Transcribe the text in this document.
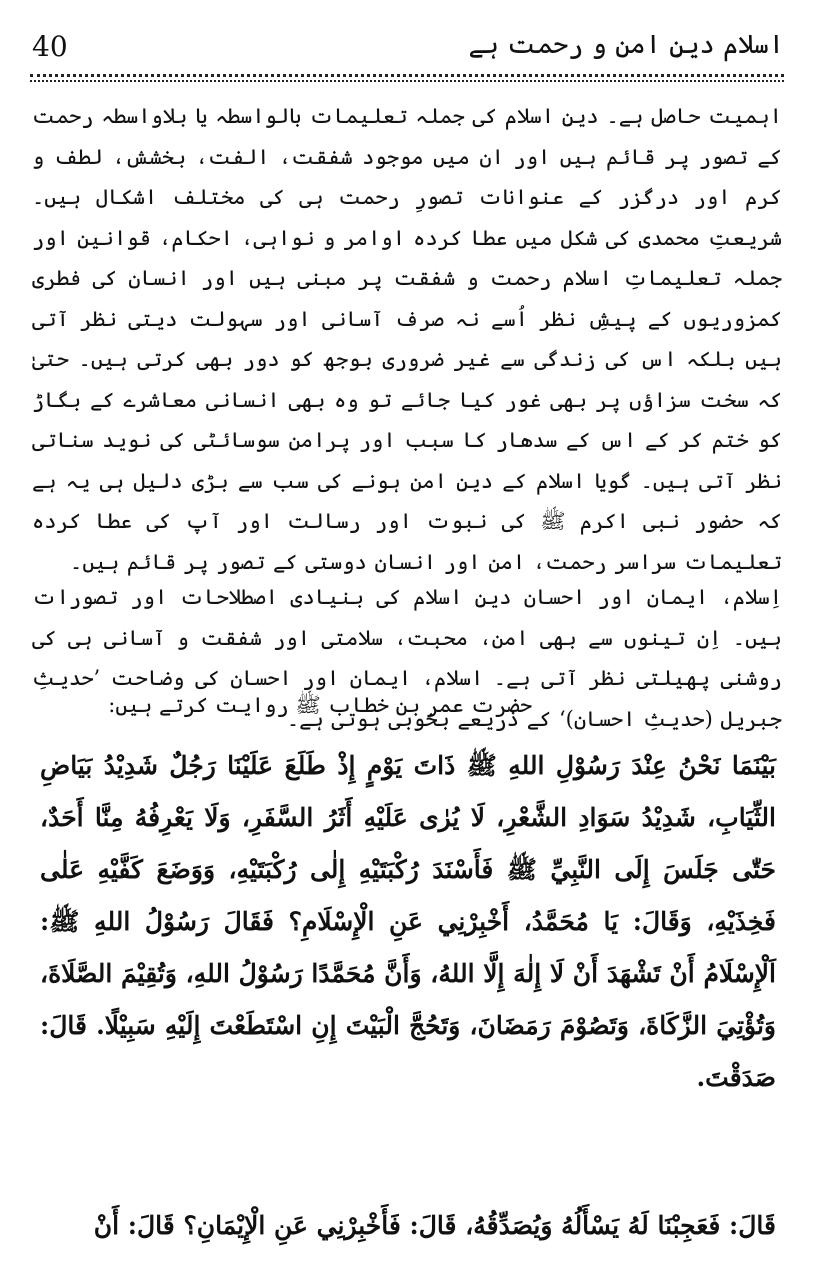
اسلام دینِ امن و رحمت ہے
40

اہمیت حاصل ہے۔ دینِ اسلام کی جملہ تعلیمات بالواسطہ یا بلاواسطہ رحمت کے تصور پر قائم ہیں اور ان میں موجود شفقت، الفت، بخشش، لطف و کرم اور درگزر کے عنوانات تصورِ رحمت ہی کی مختلف اشکال ہیں۔ شریعتِ محمدی کی شکل میں عطا کردہ اوامر و نواہی، احکام، قوانین اور جملہ تعلیماتِ اسلام رحمت و شفقت پر مبنی ہیں اور انسان کی فطری کمزوریوں کے پیشِ نظر اُسے نہ صرف آسانی اور سہولت دیتی نظر آتی ہیں بلکہ اس کی زندگی سے غیر ضروری بوجھ کو دور بھی کرتی ہیں۔ حتیٰ کہ سخت سزاؤں پر بھی غور کیا جائے تو وہ بھی انسانی معاشرے کے بگاڑ کو ختم کر کے اس کے سدھار کا سبب اور پرامن سوسائٹی کی نوید سناتی نظر آتی ہیں۔ گویا اسلام کے دینِ امن ہونے کی سب سے بڑی دلیل ہی یہ ہے کہ حضور نبی اکرم ﷺ کی نبوت اور رسالت اور آپ کی عطا کردہ تعلیمات سراسر رحمت، امن اور انسان دوستی کے تصور پر قائم ہیں۔

اِسلام، ایمان اور احسان دینِ اسلام کی بنیادی اصطلاحات اور تصورات ہیں۔ اِن تینوں سے بھی امن، محبت، سلامتی اور شفقت و آسانی ہی کی روشنی پھیلتی نظر آتی ہے۔ اسلام، ایمان اور احسان کی وضاحت ’حدیثِ جبریل (حدیثِ احسان)‘ کے ذریعے بخوبی ہوتی ہے۔

حضرت عمر بن خطاب ﷺ روایت کرتے ہیں:

بَيْنَمَا نَحْنُ عِنْدَ رَسُوْلِ اللهِ ﷺ ذَاتَ يَوْمٍ إِذْ طَلَعَ عَلَيْنَا رَجُلٌ شَدِيْدُ بَيَاضِ الثِّيَابِ، شَدِيْدُ سَوَادِ الشَّعْرِ، لَا يُرٰى عَلَيْهِ أَثَرُ السَّفَرِ، وَلَا يَعْرِفُهُ مِنَّا أَحَدٌ، حَتّٰى جَلَسَ إِلَى النَّبِيِّ ﷺ فَأَسْنَدَ رُكْبَتَيْهِ إِلٰى رُكْبَتَيْهِ، وَوَضَعَ كَفَّيْهِ عَلٰى فَخِذَيْهِ، وَقَالَ: يَا مُحَمَّدُ، أَخْبِرْنِي عَنِ الْإِسْلَامِ؟ فَقَالَ رَسُوْلُ اللهِ ﷺ: اَلْإِسْلَامُ أَنْ تَشْهَدَ أَنْ لَا إِلٰهَ إِلَّا اللهُ، وَأَنَّ مُحَمَّدًا رَسُوْلُ اللهِ، وَتُقِيْمَ الصَّلَاةَ، وَتُؤْتِيَ الزَّكَاةَ، وَتَصُوْمَ رَمَضَانَ، وَتَحُجَّ الْبَيْتَ إِنِ اسْتَطَعْتَ إِلَيْهِ سَبِيْلًا. قَالَ: صَدَقْتَ.

قَالَ: فَعَجِبْنَا لَهُ يَسْأَلُهُ وَيُصَدِّقُهُ، قَالَ: فَأَخْبِرْنِي عَنِ الْإِيْمَانِ؟ قَالَ: أَنْ
